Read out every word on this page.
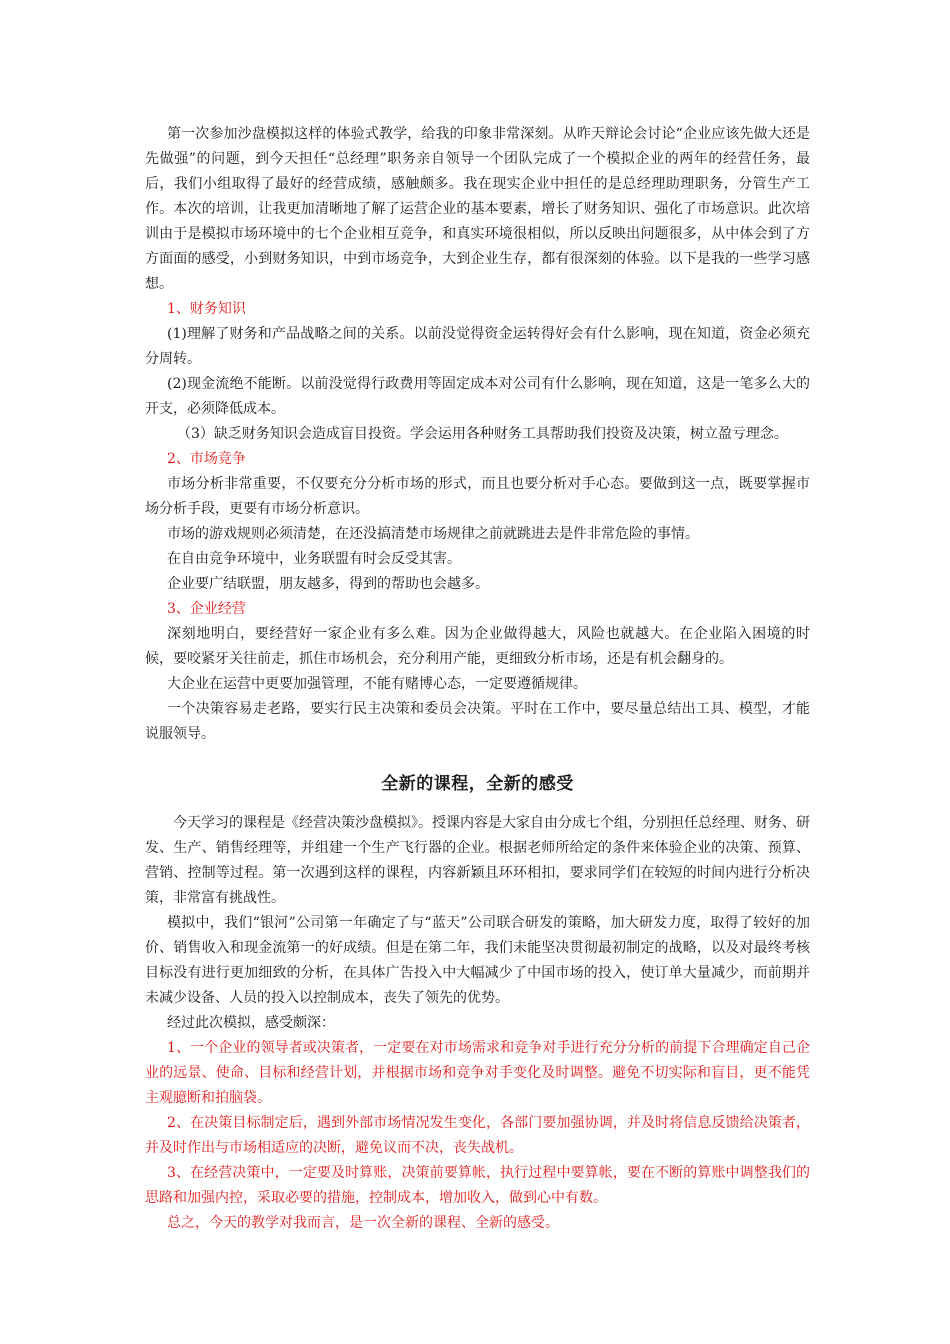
第一次参加沙盘模拟这样的体验式教学，给我的印象非常深刻。从昨天辩论会讨论“企业应该先做大还是先做强”的问题，到今天担任“总经理”职务亲自领导一个团队完成了一个模拟企业的两年的经营任务，最后，我们小组取得了最好的经营成绩，感触颇多。我在现实企业中担任的是总经理助理职务，分管生产工作。本次的培训，让我更加清晰地了解了运营企业的基本要素，增长了财务知识、强化了市场意识。此次培训由于是模拟市场环境中的七个企业相互竞争，和真实环境很相似，所以反映出问题很多，从中体会到了方方面面的感受，小到财务知识，中到市场竞争，大到企业生存，都有很深刻的体验。以下是我的一些学习感想。

1、财务知识

(1)理解了财务和产品战略之间的关系。以前没觉得资金运转得好会有什么影响，现在知道，资金必须充分周转。

(2)现金流绝不能断。以前没觉得行政费用等固定成本对公司有什么影响，现在知道，这是一笔多么大的开支，必须降低成本。

（3）缺乏财务知识会造成盲目投资。学会运用各种财务工具帮助我们投资及决策，树立盈亏理念。

2、市场竞争

市场分析非常重要，不仅要充分分析市场的形式，而且也要分析对手心态。要做到这一点，既要掌握市场分析手段，更要有市场分析意识。

市场的游戏规则必须清楚，在还没搞清楚市场规律之前就跳进去是件非常危险的事情。

在自由竞争环境中，业务联盟有时会反受其害。

企业要广结联盟，朋友越多，得到的帮助也会越多。

3、企业经营

深刻地明白，要经营好一家企业有多么难。因为企业做得越大，风险也就越大。在企业陷入困境的时候，要咬紧牙关往前走，抓住市场机会，充分利用产能，更细致分析市场，还是有机会翻身的。

大企业在运营中更要加强管理，不能有赌博心态，一定要遵循规律。

一个决策容易走老路，要实行民主决策和委员会决策。平时在工作中，要尽量总结出工具、模型，才能说服领导。

全新的课程，全新的感受

今天学习的课程是《经营决策沙盘模拟》。授课内容是大家自由分成七个组，分别担任总经理、财务、研发、生产、销售经理等，并组建一个生产飞行器的企业。根据老师所给定的条件来体验企业的决策、预算、营销、控制等过程。第一次遇到这样的课程，内容新颖且环环相扣，要求同学们在较短的时间内进行分析决策，非常富有挑战性。

模拟中，我们“银河”公司第一年确定了与“蓝天”公司联合研发的策略，加大研发力度，取得了较好的加价、销售收入和现金流第一的好成绩。但是在第二年，我们未能坚决贯彻最初制定的战略，以及对最终考核目标没有进行更加细致的分析，在具体广告投入中大幅减少了中国市场的投入，使订单大量减少，而前期并未减少设备、人员的投入以控制成本，丧失了领先的优势。

经过此次模拟，感受颇深：

1、一个企业的领导者或决策者，一定要在对市场需求和竞争对手进行充分分析的前提下合理确定自己企业的远景、使命、目标和经营计划，并根据市场和竞争对手变化及时调整。避免不切实际和盲目，更不能凭主观臆断和拍脑袋。

2、在决策目标制定后，遇到外部市场情况发生变化，各部门要加强协调，并及时将信息反馈给决策者，并及时作出与市场相适应的决断，避免议而不决，丧失战机。

3、在经营决策中，一定要及时算账，决策前要算帐，执行过程中要算帐，要在不断的算账中调整我们的思路和加强内控，采取必要的措施，控制成本，增加收入，做到心中有数。

总之，今天的教学对我而言，是一次全新的课程、全新的感受。
